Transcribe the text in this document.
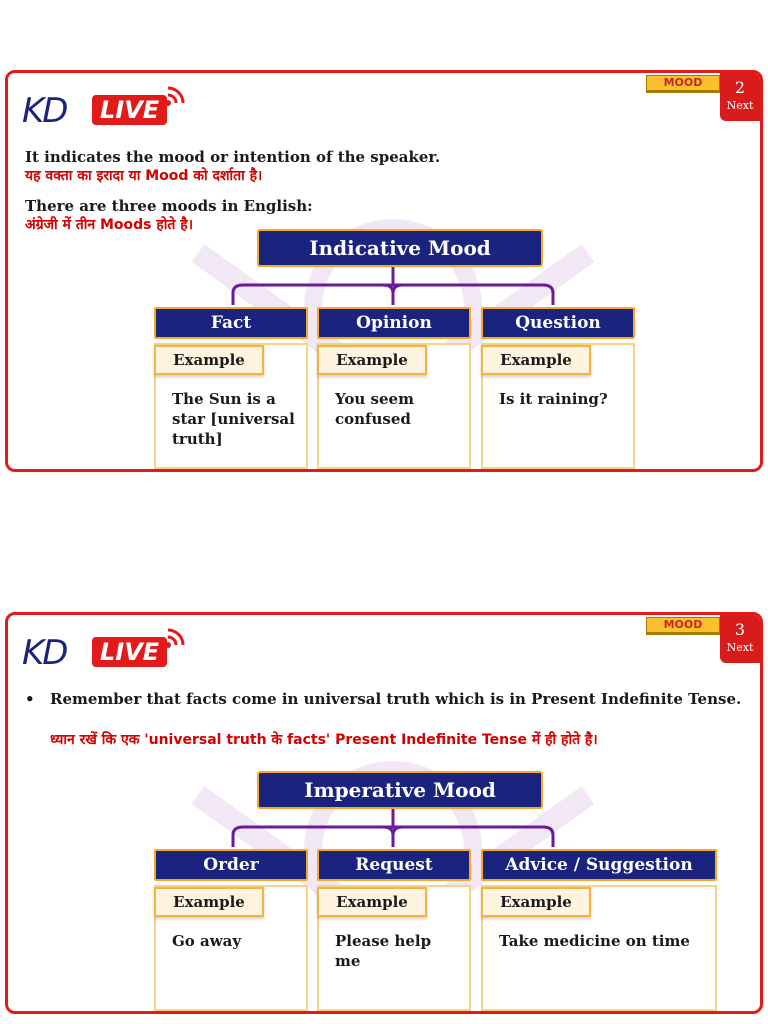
KD	LIVE
MOOD	2
Next
It indicates the mood or intention of the speaker.
यह वक्ता का इरादा या Mood को दर्शाता है।
There are three moods in English:
अंग्रेजी में तीन Moods होते है।
Indicative Mood
Fact	Opinion	Question
Example
The Sun is a star [universal truth]
Example
You seem confused
Example
Is it raining?
KD	LIVE
MOOD	3
Next
• Remember that facts come in universal truth which is in Present Indefinite Tense.
ध्यान रखें कि एक 'universal truth के facts' Present Indefinite Tense में ही होते है।
Imperative Mood
Order	Request	Advice / Suggestion
Example
Go away
Example
Please help me
Example
Take medicine on time
